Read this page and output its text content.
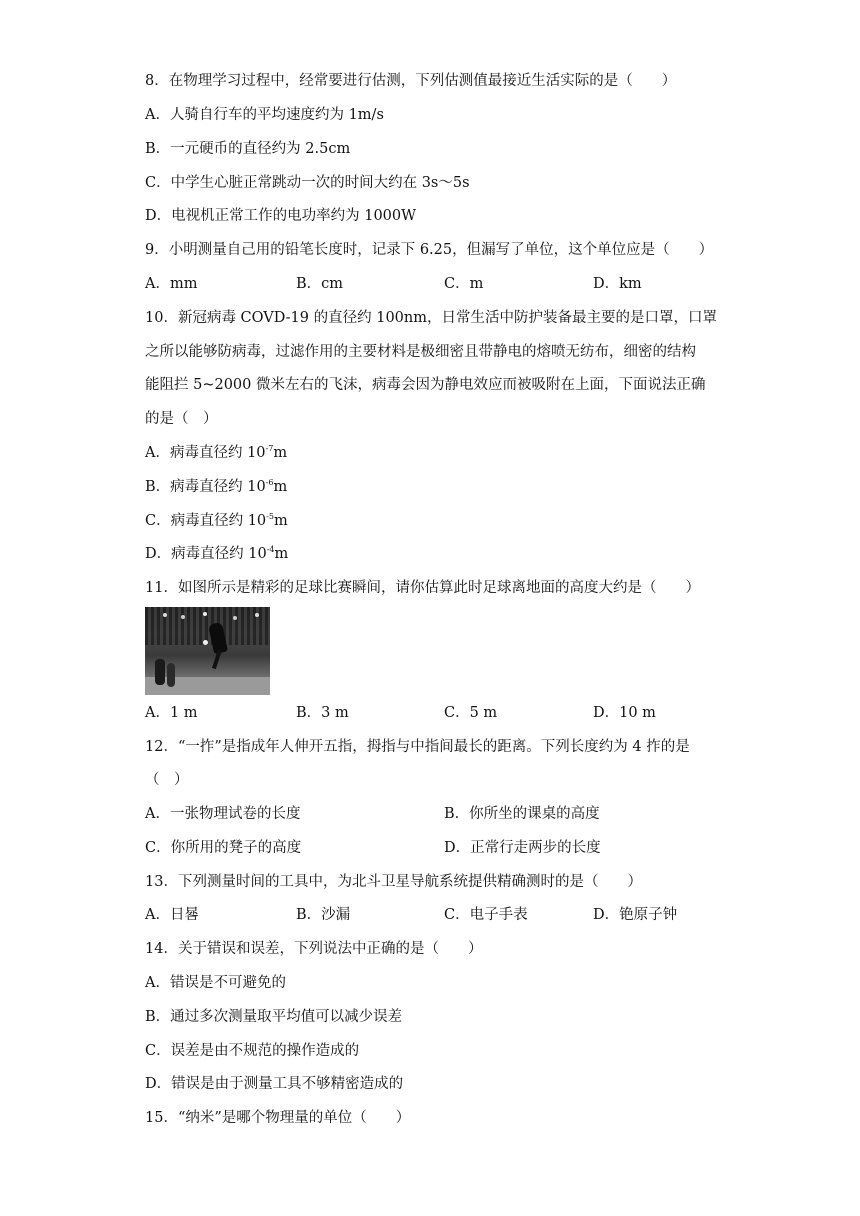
8．在物理学习过程中，经常要进行估测，下列估测值最接近生活实际的是（　　）
A．人骑自行车的平均速度约为 1m/s
B．一元硬币的直径约为 2.5cm
C．中学生心脏正常跳动一次的时间大约在 3s～5s
D．电视机正常工作的电功率约为 1000W
9．小明测量自己用的铅笔长度时，记录下 6.25，但漏写了单位，这个单位应是（　　）
A．mm	B．cm	C．m	D．km
10．新冠病毒 COVD-19 的直径约 100nm，日常生活中防护装备最主要的是口罩，口罩
之所以能够防病毒，过滤作用的主要材料是极细密且带静电的熔喷无纺布，细密的结构
能阻拦 5~2000 微米左右的飞沫，病毒会因为静电效应而被吸附在上面，下面说法正确
的是（　）
A．病毒直径约 $10^{-7}m$
B．病毒直径约 $10^{-6}m$
C．病毒直径约 $10^{-5}m$
D．病毒直径约 $10^{-4}m$
11．如图所示是精彩的足球比赛瞬间，请你估算此时足球离地面的高度大约是（　　）
A．1 m	B．3 m	C．5 m	D．10 m
12．“一拃”是指成年人伸开五指，拇指与中指间最长的距离。下列长度约为 4 拃的是
（　）
A．一张物理试卷的长度	B．你所坐的课桌的高度
C．你所用的凳子的高度	D．正常行走两步的长度
13．下列测量时间的工具中，为北斗卫星导航系统提供精确测时的是（　　）
A．日晷	B．沙漏	C．电子手表	D．铯原子钟
14．关于错误和误差，下列说法中正确的是（　　）
A．错误是不可避免的
B．通过多次测量取平均值可以减少误差
C．误差是由不规范的操作造成的
D．错误是由于测量工具不够精密造成的
15．“纳米”是哪个物理量的单位（　　）
